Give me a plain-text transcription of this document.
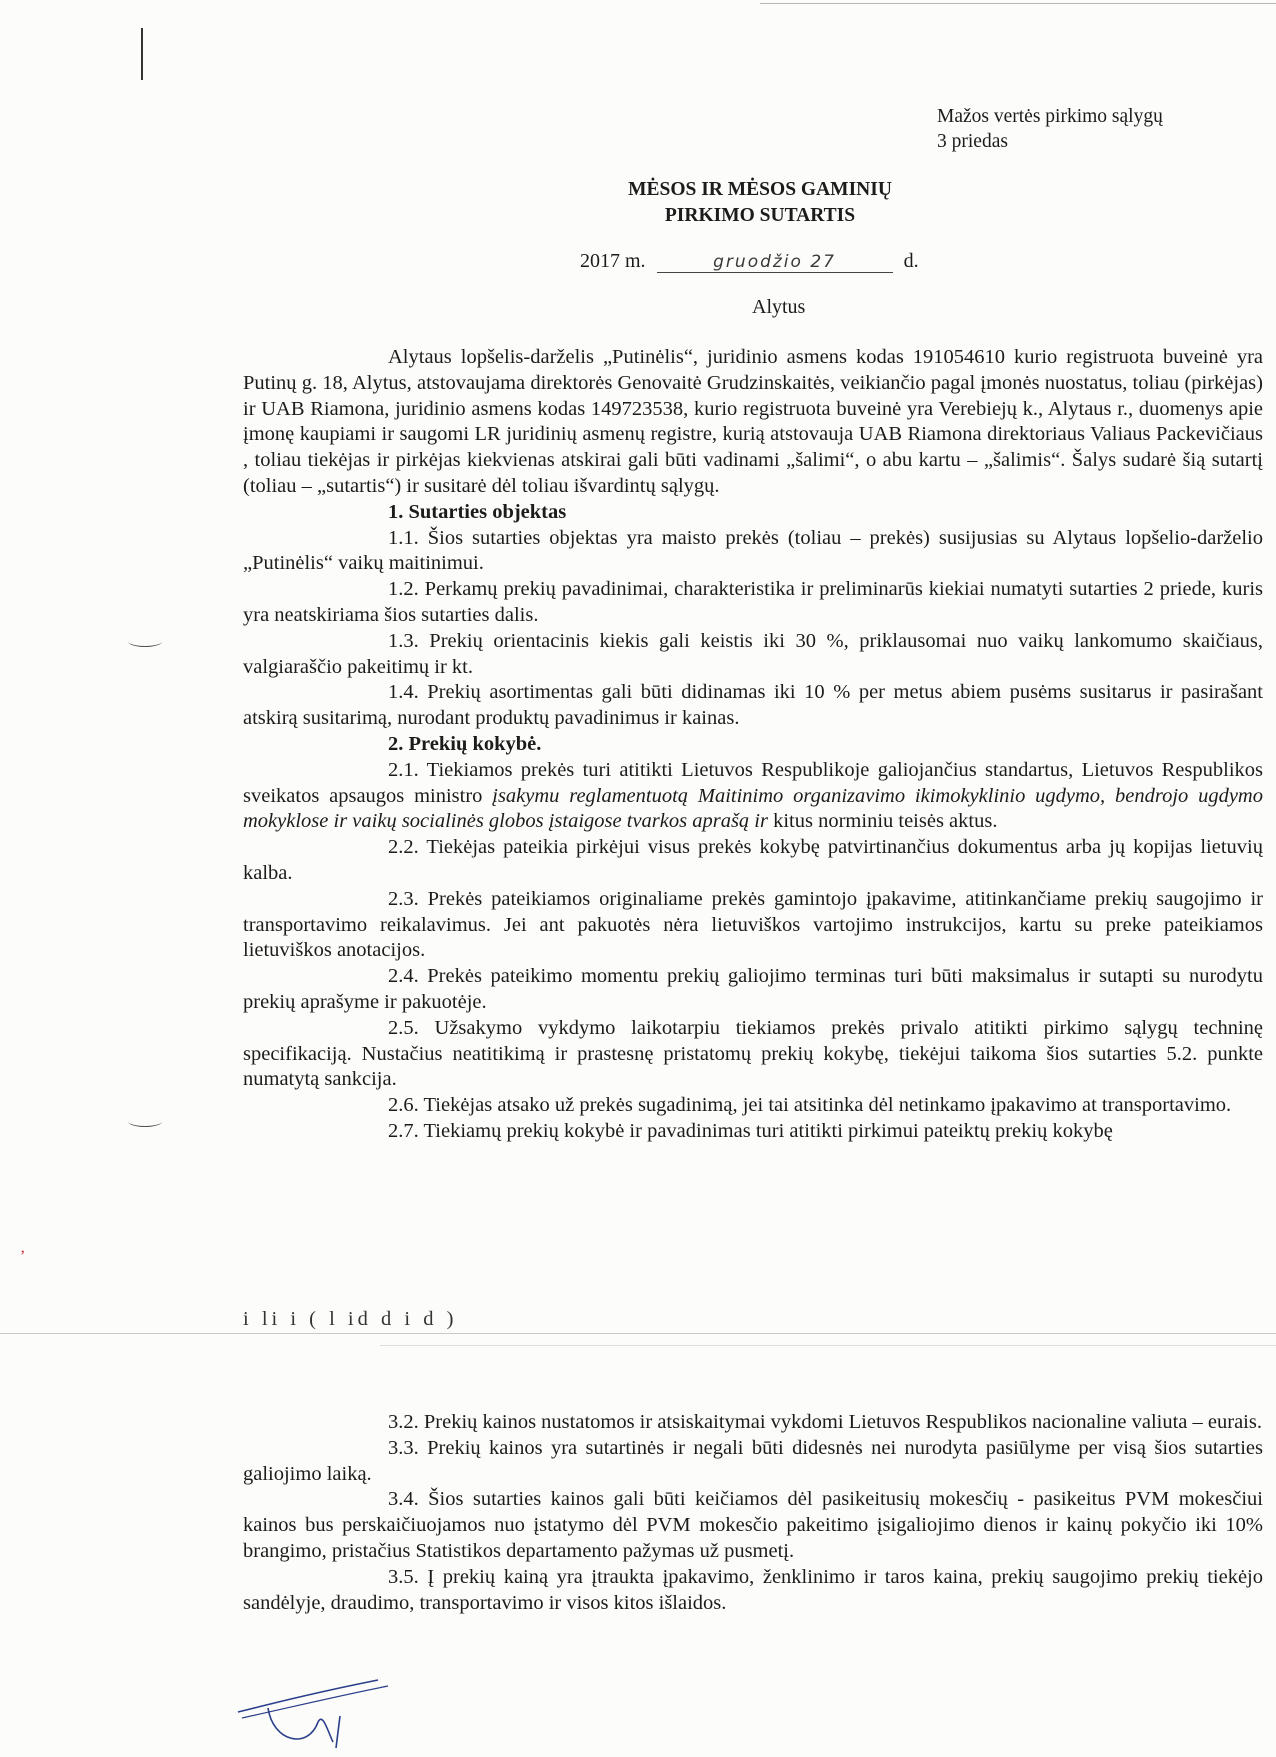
’
Mažos vertės pirkimo sąlygų
3 priedas
MĖSOS IR MĖSOS GAMINIŲ
PIRKIMO SUTARTIS
2017 m.	gruodžio 27	d.
Alytus

Alytaus lopšelis-darželis „Putinėlis“, juridinio asmens kodas 191054610 kurio registruota buveinė yra Putinų g. 18, Alytus, atstovaujama direktorės Genovaitė Grudzinskaitės, veikiančio pagal įmonės nuostatus, toliau (pirkėjas) ir UAB Riamona, juridinio asmens kodas 149723538, kurio registruota buveinė yra Verebiejų k., Alytaus r., duomenys apie įmonę kaupiami ir saugomi LR juridinių asmenų registre, kurią atstovauja UAB Riamona direktoriaus Valiaus Packevičiaus , toliau tiekėjas ir pirkėjas kiekvienas atskirai gali būti vadinami „šalimi“, o abu kartu – „šalimis“. Šalys sudarė šią sutartį (toliau – „sutartis“) ir susitarė dėl toliau išvardintų sąlygų.

1. Sutarties objektas

1.1. Šios sutarties objektas yra maisto prekės (toliau – prekės) susijusias su Alytaus lopšelio-darželio „Putinėlis“ vaikų maitinimui.

1.2. Perkamų prekių pavadinimai, charakteristika ir preliminarūs kiekiai numatyti sutarties 2 priede, kuris yra neatskiriama šios sutarties dalis.

1.3. Prekių orientacinis kiekis gali keistis iki 30 %, priklausomai nuo vaikų lankomumo skaičiaus, valgiaraščio pakeitimų ir kt.

1.4. Prekių asortimentas gali būti didinamas iki 10 % per metus abiem pusėms susitarus ir pasirašant atskirą susitarimą, nurodant produktų pavadinimus ir kainas.

2. Prekių kokybė.

2.1. Tiekiamos prekės turi atitikti Lietuvos Respublikoje galiojančius standartus, Lietuvos Respublikos sveikatos apsaugos ministro įsakymu reglamentuotą Maitinimo organizavimo ikimokyklinio ugdymo, bendrojo ugdymo mokyklose ir vaikų socialinės globos įstaigose tvarkos aprašą ir kitus norminiu teisės aktus.

2.2. Tiekėjas pateikia pirkėjui visus prekės kokybę patvirtinančius dokumentus arba jų kopijas lietuvių kalba.

2.3. Prekės pateikiamos originaliame prekės gamintojo įpakavime, atitinkančiame prekių saugojimo ir transportavimo reikalavimus. Jei ant pakuotės nėra lietuviškos vartojimo instrukcijos, kartu su preke pateikiamos lietuviškos anotacijos.

2.4. Prekės pateikimo momentu prekių galiojimo terminas turi būti maksimalus ir sutapti su nurodytu prekių aprašyme ir pakuotėje.

2.5. Užsakymo vykdymo laikotarpiu tiekiamos prekės privalo atitikti pirkimo sąlygų techninę specifikaciją. Nustačius neatitikimą ir prastesnę pristatomų prekių kokybę, tiekėjui taikoma šios sutarties 5.2. punkte numatytą sankcija.

2.6. Tiekėjas atsako už prekės sugadinimą, jei tai atsitinka dėl netinkamo įpakavimo at transportavimo.

2.7. Tiekiamų prekių kokybė ir pavadinimas turi atitikti pirkimui pateiktų prekių kokybę

i li i ( l id d i d )

3.2. Prekių kainos nustatomos ir atsiskaitymai vykdomi Lietuvos Respublikos nacionaline valiuta – eurais.

3.3. Prekių kainos yra sutartinės ir negali būti didesnės nei nurodyta pasiūlyme per visą šios sutarties galiojimo laiką.

3.4. Šios sutarties kainos gali būti keičiamos dėl pasikeitusių mokesčių - pasikeitus PVM mokesčiui kainos bus perskaičiuojamos nuo įstatymo dėl PVM mokesčio pakeitimo įsigaliojimo dienos ir kainų pokyčio iki 10% brangimo, pristačius Statistikos departamento pažymas už pusmetį.

3.5. Į prekių kainą yra įtraukta įpakavimo, ženklinimo ir taros kaina, prekių saugojimo prekių tiekėjo sandėlyje, draudimo, transportavimo ir visos kitos išlaidos.
